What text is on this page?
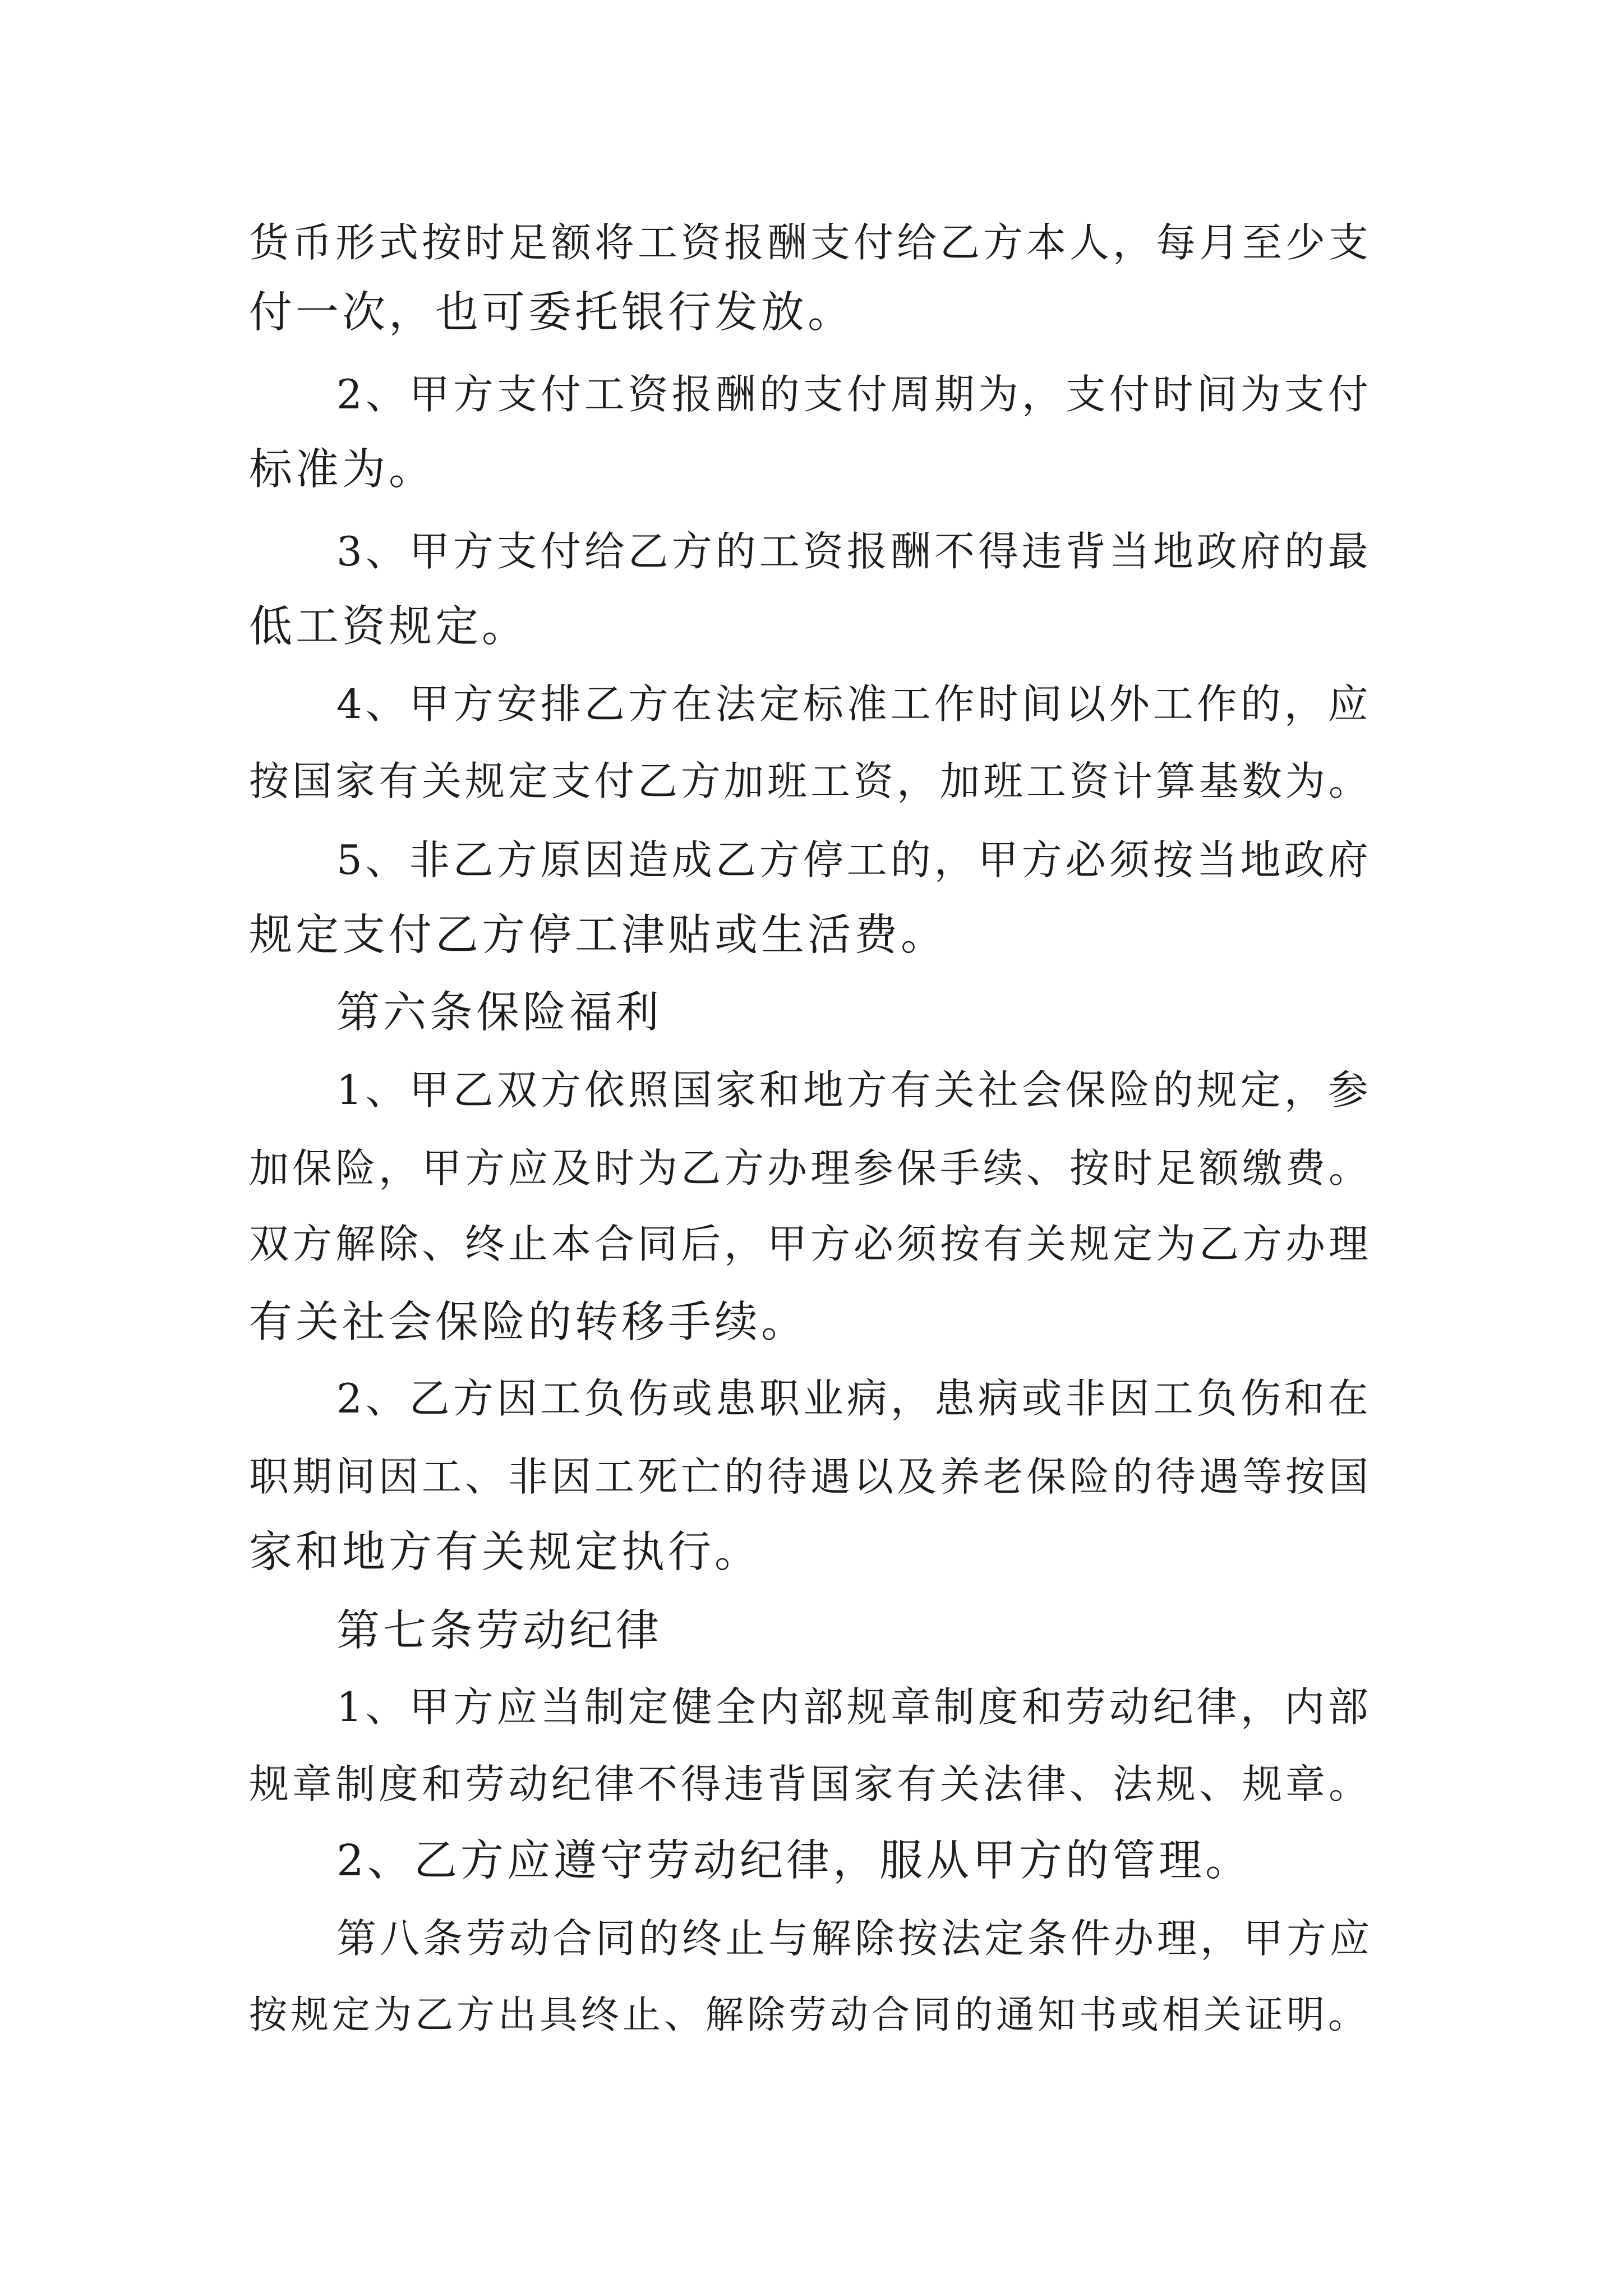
货币形式按时足额将工资报酬支付给乙方本人，每月至少支

付一次，也可委托银行发放。

2、甲方支付工资报酬的支付周期为，支付时间为支付

标准为。

3、甲方支付给乙方的工资报酬不得违背当地政府的最

低工资规定。

4、甲方安排乙方在法定标准工作时间以外工作的，应

按国家有关规定支付乙方加班工资，加班工资计算基数为。

5、非乙方原因造成乙方停工的，甲方必须按当地政府

规定支付乙方停工津贴或生活费。

第六条保险福利

1、甲乙双方依照国家和地方有关社会保险的规定，参

加保险，甲方应及时为乙方办理参保手续、按时足额缴费。

双方解除、终止本合同后，甲方必须按有关规定为乙方办理

有关社会保险的转移手续。

2、乙方因工负伤或患职业病，患病或非因工负伤和在

职期间因工、非因工死亡的待遇以及养老保险的待遇等按国

家和地方有关规定执行。

第七条劳动纪律

1、甲方应当制定健全内部规章制度和劳动纪律，内部

规章制度和劳动纪律不得违背国家有关法律、法规、规章。

2、乙方应遵守劳动纪律，服从甲方的管理。

第八条劳动合同的终止与解除按法定条件办理，甲方应

按规定为乙方出具终止、解除劳动合同的通知书或相关证明。
